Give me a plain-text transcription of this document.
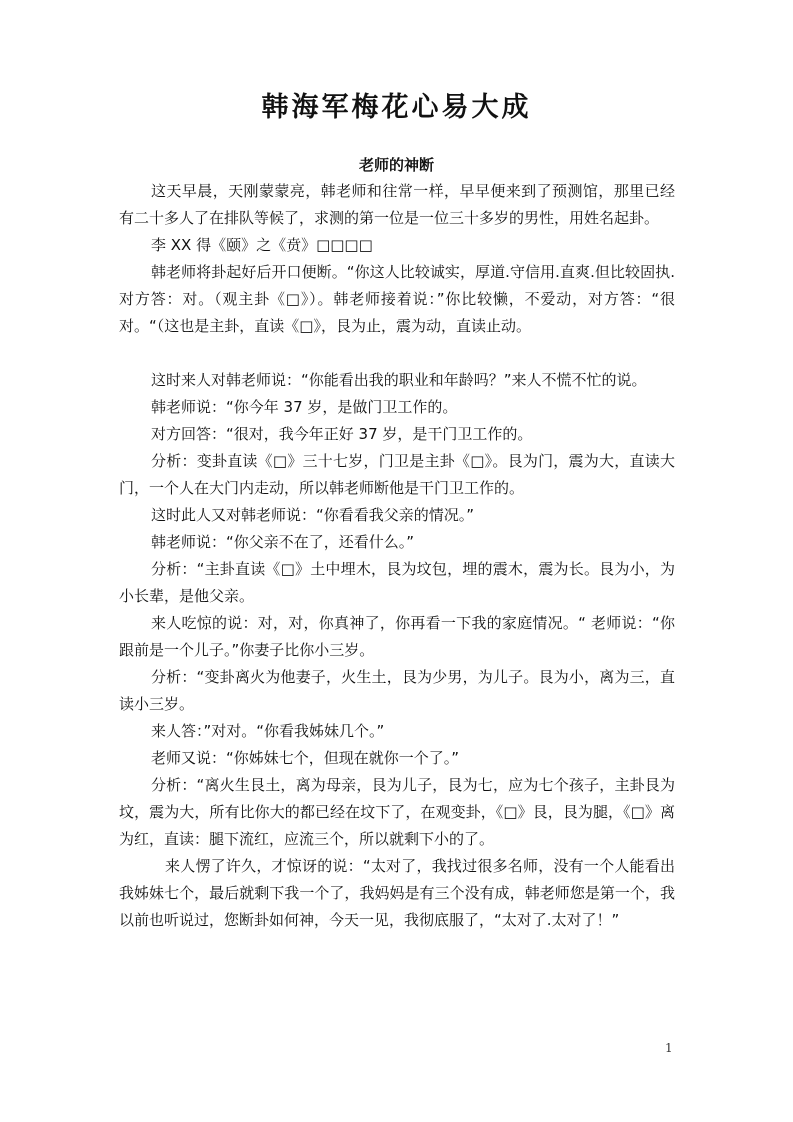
韩海军梅花心易大成
老师的神断

这天早晨，天刚蒙蒙亮，韩老师和往常一样，早早便来到了预测馆，那里已经有二十多人了在排队等候了，求测的第一位是一位三十多岁的男性，用姓名起卦。

李 XX 得《颐》之《贲》□□□□

韩老师将卦起好后开口便断。“你这人比较诚实，厚道.守信用.直爽.但比较固执.对方答：对。（观主卦《□》）。韩老师接着说：”你比较懒，不爱动，对方答：“很对。“（这也是主卦，直读《□》，艮为止，震为动，直读止动。

这时来人对韩老师说：“你能看出我的职业和年龄吗？”来人不慌不忙的说。

韩老师说：“你今年 37 岁，是做门卫工作的。

对方回答：“很对，我今年正好 37 岁，是干门卫工作的。

分析：变卦直读《□》三十七岁，门卫是主卦《□》。艮为门，震为大，直读大门，一个人在大门内走动，所以韩老师断他是干门卫工作的。

这时此人又对韩老师说：“你看看我父亲的情况。”

韩老师说：“你父亲不在了，还看什么。”

分析：“主卦直读《□》土中埋木，艮为坟包，埋的震木，震为长。艮为小，为小长辈，是他父亲。

来人吃惊的说：对，对，你真神了，你再看一下我的家庭情况。“ 老师说：“你跟前是一个儿子。”你妻子比你小三岁。

分析：“变卦离火为他妻子，火生土，艮为少男，为儿子。艮为小，离为三，直读小三岁。

来人答：”对对。“你看我姊妹几个。”

老师又说：“你姊妹七个，但现在就你一个了。”

分析：“离火生艮土，离为母亲，艮为儿子，艮为七，应为七个孩子，主卦艮为坟，震为大，所有比你大的都已经在坟下了，在观变卦，《□》艮，艮为腿，《□》离为红，直读：腿下流红，应流三个，所以就剩下小的了。

来人愣了许久，才惊讶的说：“太对了，我找过很多名师，没有一个人能看出我姊妹七个，最后就剩下我一个了，我妈妈是有三个没有成，韩老师您是第一个，我以前也听说过，您断卦如何神，今天一见，我彻底服了，“太对了.太对了！”

1
